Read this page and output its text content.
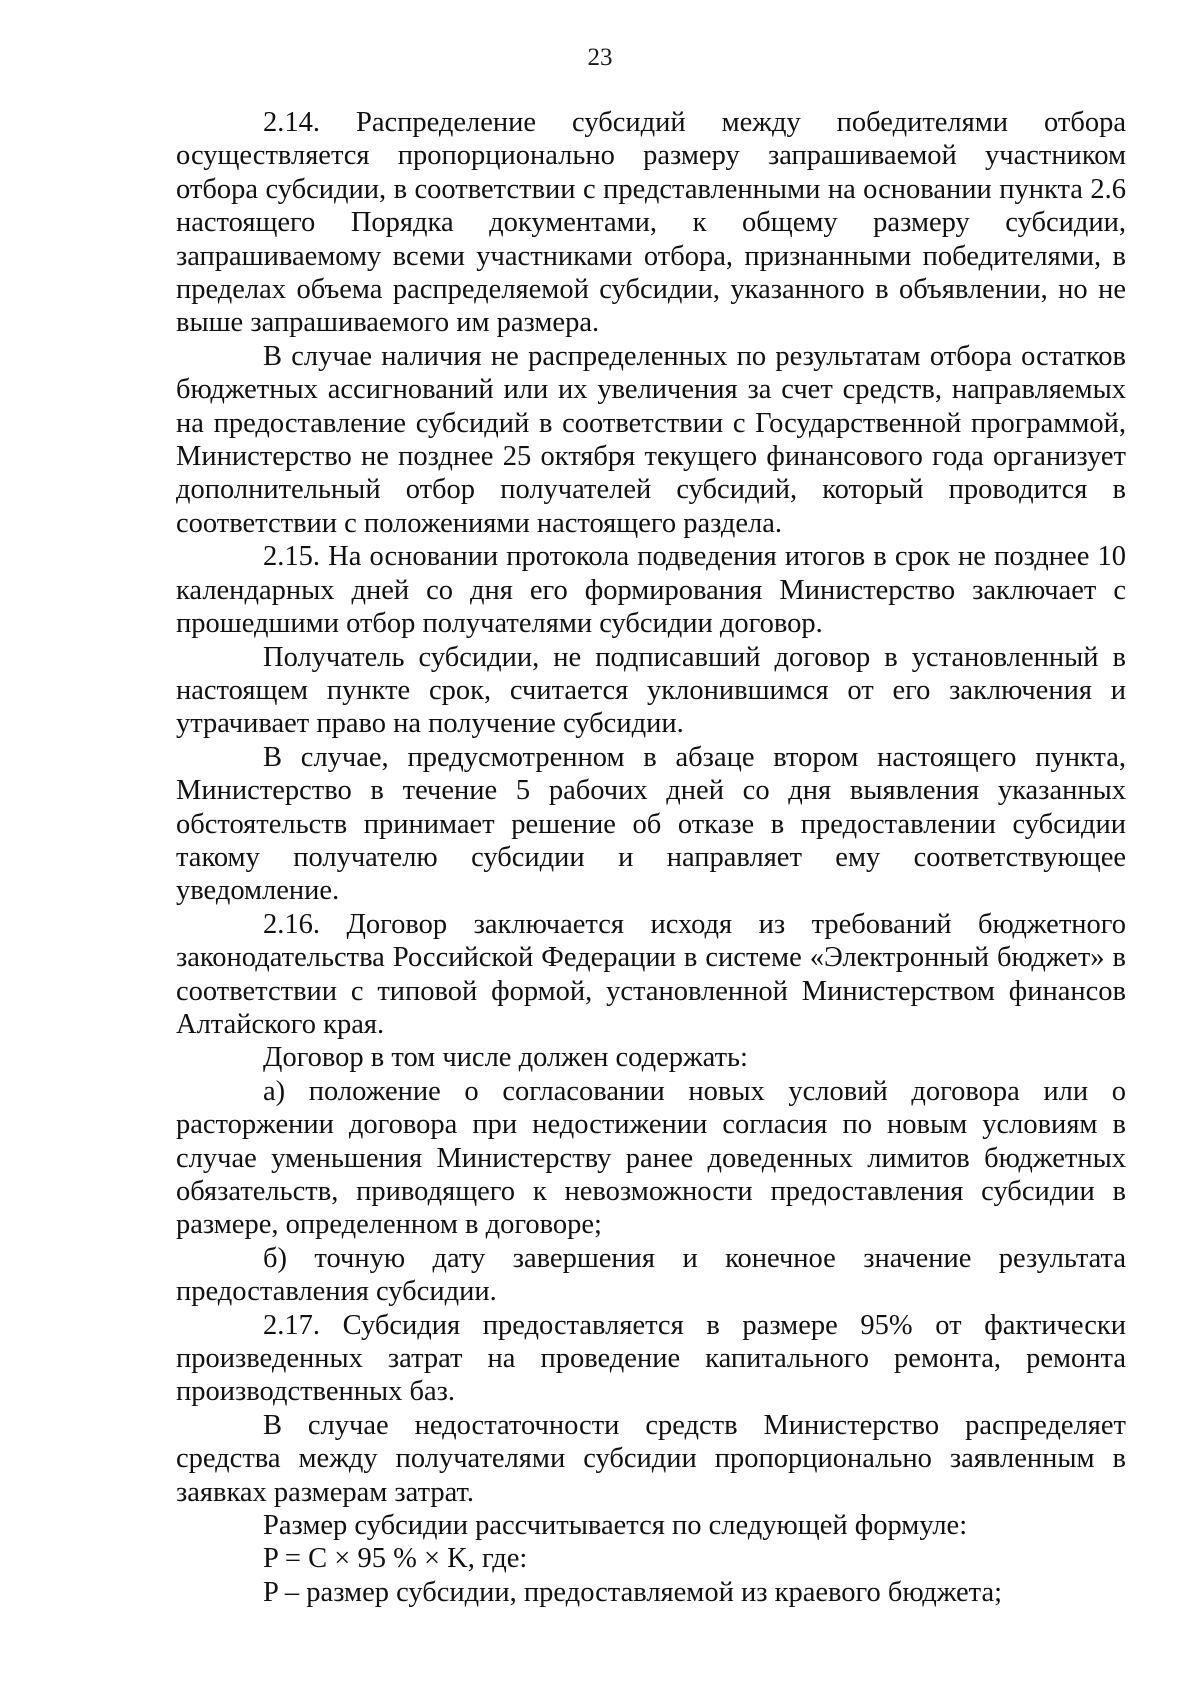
23

2.14. Распределение субсидий между победителями отбора осуществляется пропорционально размеру запрашиваемой участником отбора субсидии, в соответствии с представленными на основании пункта 2.6 настоящего Порядка документами, к общему размеру субсидии, запрашиваемому всеми участниками отбора, признанными победителями, в пределах объема распределяемой субсидии, указанного в объявлении, но не выше запрашиваемого им размера.

В случае наличия не распределенных по результатам отбора остатков бюджетных ассигнований или их увеличения за счет средств, направляемых на предоставление субсидий в соответствии с Государственной программой, Министерство не позднее 25 октября текущего финансового года организует дополнительный отбор получателей субсидий, который проводится в соответствии с положениями настоящего раздела.

2.15. На основании протокола подведения итогов в срок не позднее 10 календарных дней со дня его формирования Министерство заключает с прошедшими отбор получателями субсидии договор.

Получатель субсидии, не подписавший договор в установленный в настоящем пункте срок, считается уклонившимся от его заключения и утрачивает право на получение субсидии.

В случае, предусмотренном в абзаце втором настоящего пункта, Министерство в течение 5 рабочих дней со дня выявления указанных обстоятельств принимает решение об отказе в предоставлении субсидии такому получателю субсидии и направляет ему соответствующее уведомление.

2.16. Договор заключается исходя из требований бюджетного законодательства Российской Федерации в системе «Электронный бюджет» в соответствии с типовой формой, установленной Министерством финансов Алтайского края.

Договор в том числе должен содержать:

а) положение о согласовании новых условий договора или о расторжении договора при недостижении согласия по новым условиям в случае уменьшения Министерству ранее доведенных лимитов бюджетных обязательств, приводящего к невозможности предоставления субсидии в размере, определенном в договоре;

б) точную дату завершения и конечное значение результата предоставления субсидии.

2.17. Субсидия предоставляется в размере 95% от фактически произведенных затрат на проведение капитального ремонта, ремонта производственных баз.

В случае недостаточности средств Министерство распределяет средства между получателями субсидии пропорционально заявленным в заявках размерам затрат.

Размер субсидии рассчитывается по следующей формуле:

P = C × 95 % × K, где:

P – размер субсидии, предоставляемой из краевого бюджета;
